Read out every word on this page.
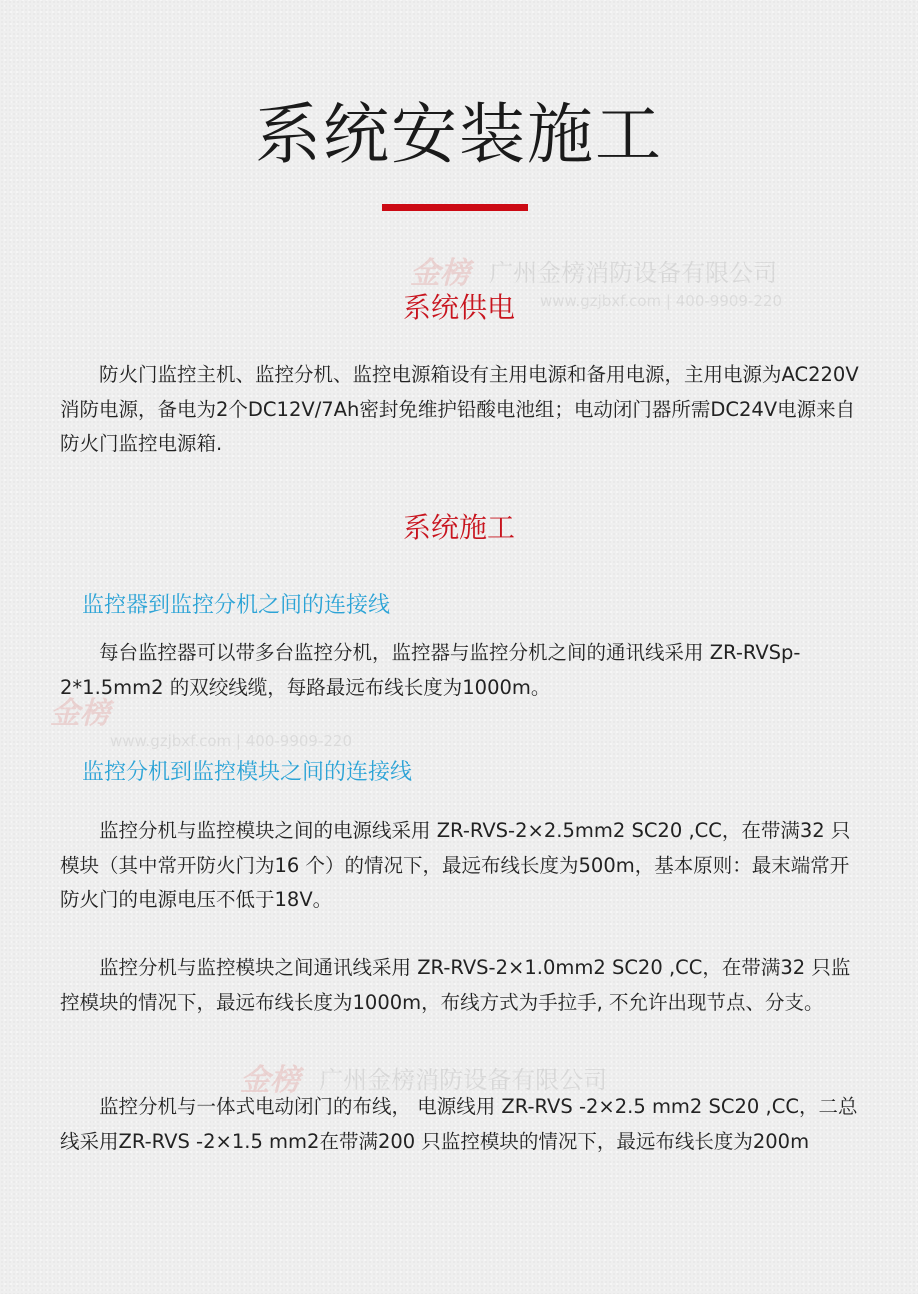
金榜 广州金榜消防设备有限公司
www.gzjbxf.com | 400-9909-220
金榜
www.gzjbxf.com | 400-9909-220
金榜 广州金榜消防设备有限公司
系统安装施工
系统供电

防火门监控主机、监控分机、监控电源箱设有主用电源和备用电源，主用电源为AC220V消防电源，备电为2个DC12V/7Ah密封免维护铅酸电池组；电动闭门器所需DC24V电源来自防火门监控电源箱.

系统施工
监控器到监控分机之间的连接线

每台监控器可以带多台监控分机，监控器与监控分机之间的通讯线采用 ZR-RVSp-2*1.5mm2 的双绞线缆，每路最远布线长度为1000m。

监控分机到监控模块之间的连接线

监控分机与监控模块之间的电源线采用 ZR-RVS-2×2.5mm2 SC20 ,CC，在带满32 只模块（其中常开防火门为16 个）的情况下，最远布线长度为500m，基本原则：最末端常开防火门的电源电压不低于18V。

监控分机与监控模块之间通讯线采用 ZR-RVS-2×1.0mm2 SC20 ,CC，在带满32 只监控模块的情况下，最远布线长度为1000m，布线方式为手拉手, 不允许出现节点、分支。

监控分机与一体式电动闭门的布线， 电源线用 ZR-RVS -2×2.5 mm2 SC20 ,CC，二总线采用ZR-RVS -2×1.5 mm2在带满200 只监控模块的情况下，最远布线长度为200m
